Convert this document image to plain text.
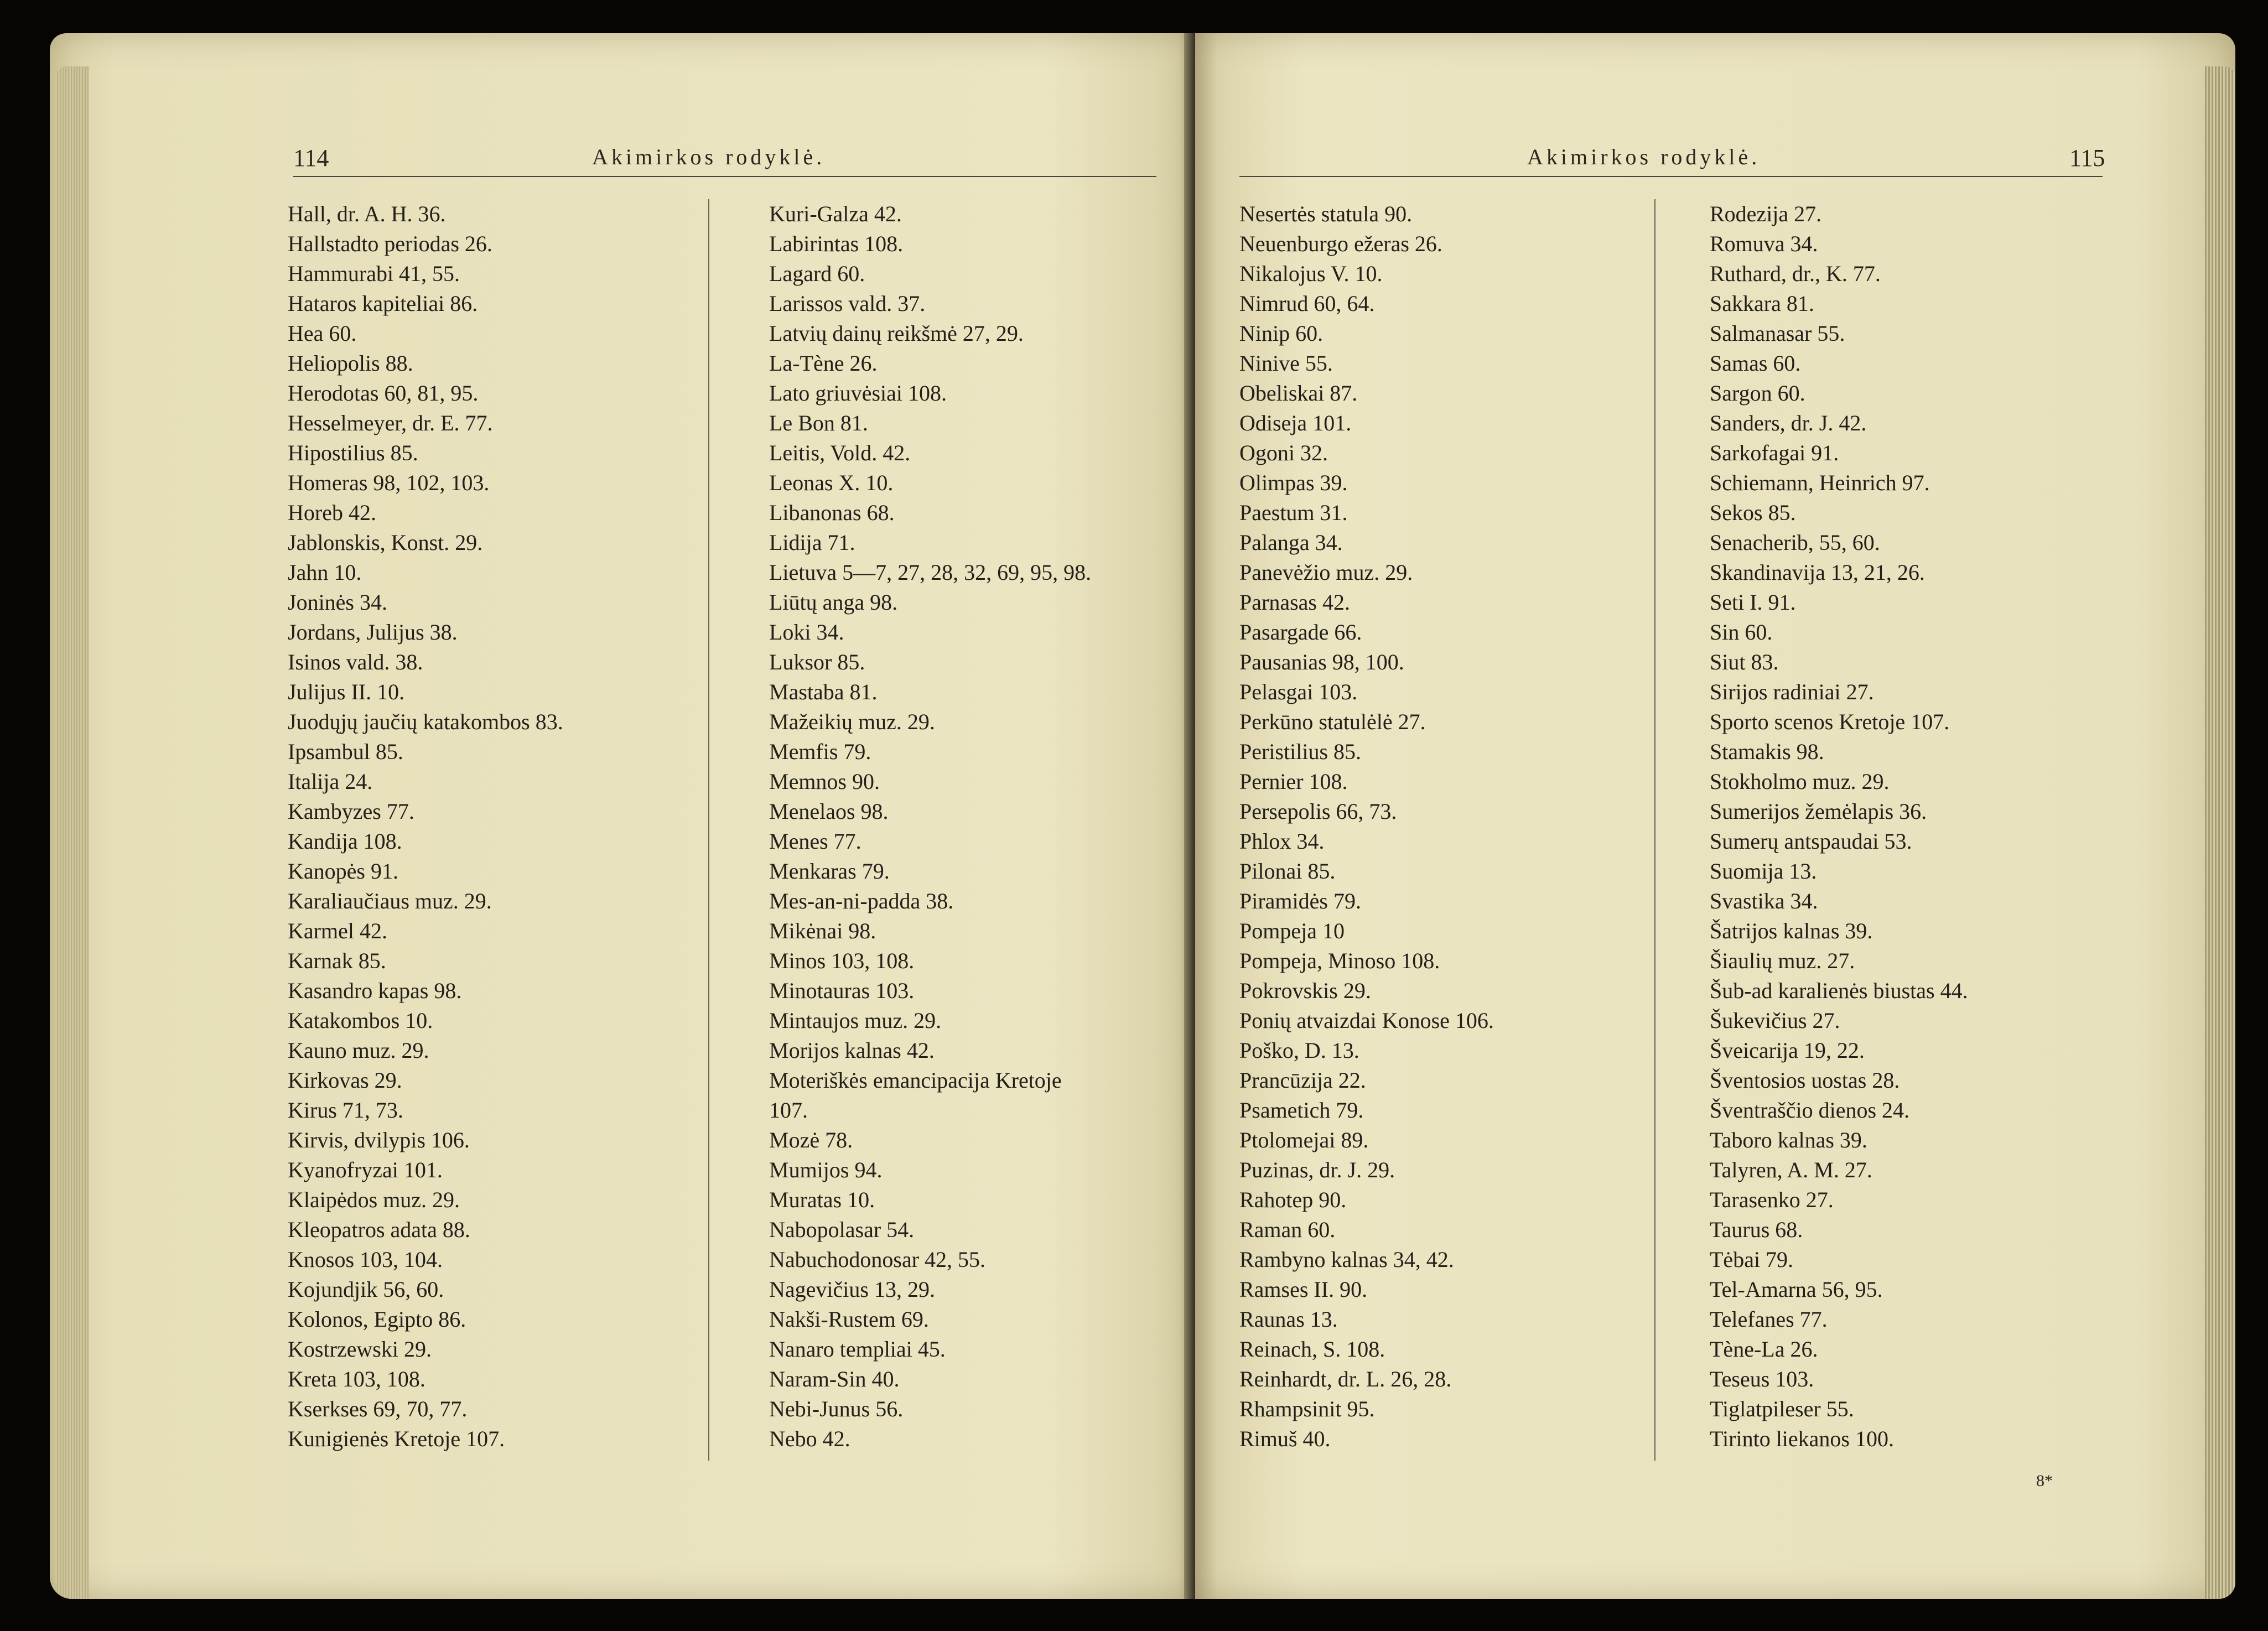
114	Akimirkos rodyklė.
Hall, dr. A. H. 36.
Hallstadto periodas 26.
Hammurabi 41, 55.
Hataros kapiteliai 86.
Hea 60.
Heliopolis 88.
Herodotas 60, 81, 95.
Hesselmeyer, dr. E. 77.
Hipostilius 85.
Homeras 98, 102, 103.
Horeb 42.
Jablonskis, Konst. 29.
Jahn 10.
Joninės 34.
Jordans, Julijus 38.
Isinos vald. 38.
Julijus II. 10.
Juodųjų jaučių katakombos 83.
Ipsambul 85.
Italija 24.
Kambyzes 77.
Kandija 108.
Kanopės 91.
Karaliaučiaus muz. 29.
Karmel 42.
Karnak 85.
Kasandro kapas 98.
Katakombos 10.
Kauno muz. 29.
Kirkovas 29.
Kirus 71, 73.
Kirvis, dvilypis 106.
Kyanofryzai 101.
Klaipėdos muz. 29.
Kleopatros adata 88.
Knosos 103, 104.
Kojundjik 56, 60.
Kolonos, Egipto 86.
Kostrzewski 29.
Kreta 103, 108.
Kserkses 69, 70, 77.
Kunigienės Kretoje 107.
Kuri-Galza 42.
Labirintas 108.
Lagard 60.
Larissos vald. 37.
Latvių dainų reikšmė 27, 29.
La-Tène 26.
Lato griuvėsiai 108.
Le Bon 81.
Leitis, Vold. 42.
Leonas X. 10.
Libanonas 68.
Lidija 71.
Lietuva 5—7, 27, 28, 32, 69, 95, 98.
Liūtų anga 98.
Loki 34.
Luksor 85.
Mastaba 81.
Mažeikių muz. 29.
Memfis 79.
Memnos 90.
Menelaos 98.
Menes 77.
Menkaras 79.
Mes-an-ni-padda 38.
Mikėnai 98.
Minos 103, 108.
Minotauras 103.
Mintaujos muz. 29.
Morijos kalnas 42.
Moteriškės emancipacija Kretoje
107.
Mozė 78.
Mumijos 94.
Muratas 10.
Nabopolasar 54.
Nabuchodonosar 42, 55.
Nagevičius 13, 29.
Nakši-Rustem 69.
Nanaro templiai 45.
Naram-Sin 40.
Nebi-Junus 56.
Nebo 42.
Akimirkos rodyklė.	115
Nesertės statula 90.
Neuenburgo ežeras 26.
Nikalojus V. 10.
Nimrud 60, 64.
Ninip 60.
Ninive 55.
Obeliskai 87.
Odiseja 101.
Ogoni 32.
Olimpas 39.
Paestum 31.
Palanga 34.
Panevėžio muz. 29.
Parnasas 42.
Pasargade 66.
Pausanias 98, 100.
Pelasgai 103.
Perkūno statulėlė 27.
Peristilius 85.
Pernier 108.
Persepolis 66, 73.
Phlox 34.
Pilonai 85.
Piramidės 79.
Pompeja 10
Pompeja, Minoso 108.
Pokrovskis 29.
Ponių atvaizdai Konose 106.
Poško, D. 13.
Prancūzija 22.
Psametich 79.
Ptolomejai 89.
Puzinas, dr. J. 29.
Rahotep 90.
Raman 60.
Rambyno kalnas 34, 42.
Ramses II. 90.
Raunas 13.
Reinach, S. 108.
Reinhardt, dr. L. 26, 28.
Rhampsinit 95.
Rimuš 40.
Rodezija 27.
Romuva 34.
Ruthard, dr., K. 77.
Sakkara 81.
Salmanasar 55.
Samas 60.
Sargon 60.
Sanders, dr. J. 42.
Sarkofagai 91.
Schiemann, Heinrich 97.
Sekos 85.
Senacherib, 55, 60.
Skandinavija 13, 21, 26.
Seti I. 91.
Sin 60.
Siut 83.
Sirijos radiniai 27.
Sporto scenos Kretoje 107.
Stamakis 98.
Stokholmo muz. 29.
Sumerijos žemėlapis 36.
Sumerų antspaudai 53.
Suomija 13.
Svastika 34.
Šatrijos kalnas 39.
Šiaulių muz. 27.
Šub-ad karalienės biustas 44.
Šukevičius 27.
Šveicarija 19, 22.
Šventosios uostas 28.
Šventraščio dienos 24.
Taboro kalnas 39.
Talyren, A. M. 27.
Tarasenko 27.
Taurus 68.
Tėbai 79.
Tel-Amarna 56, 95.
Telefanes 77.
Tène-La 26.
Teseus 103.
Tiglatpileser 55.
Tirinto liekanos 100.
8*
